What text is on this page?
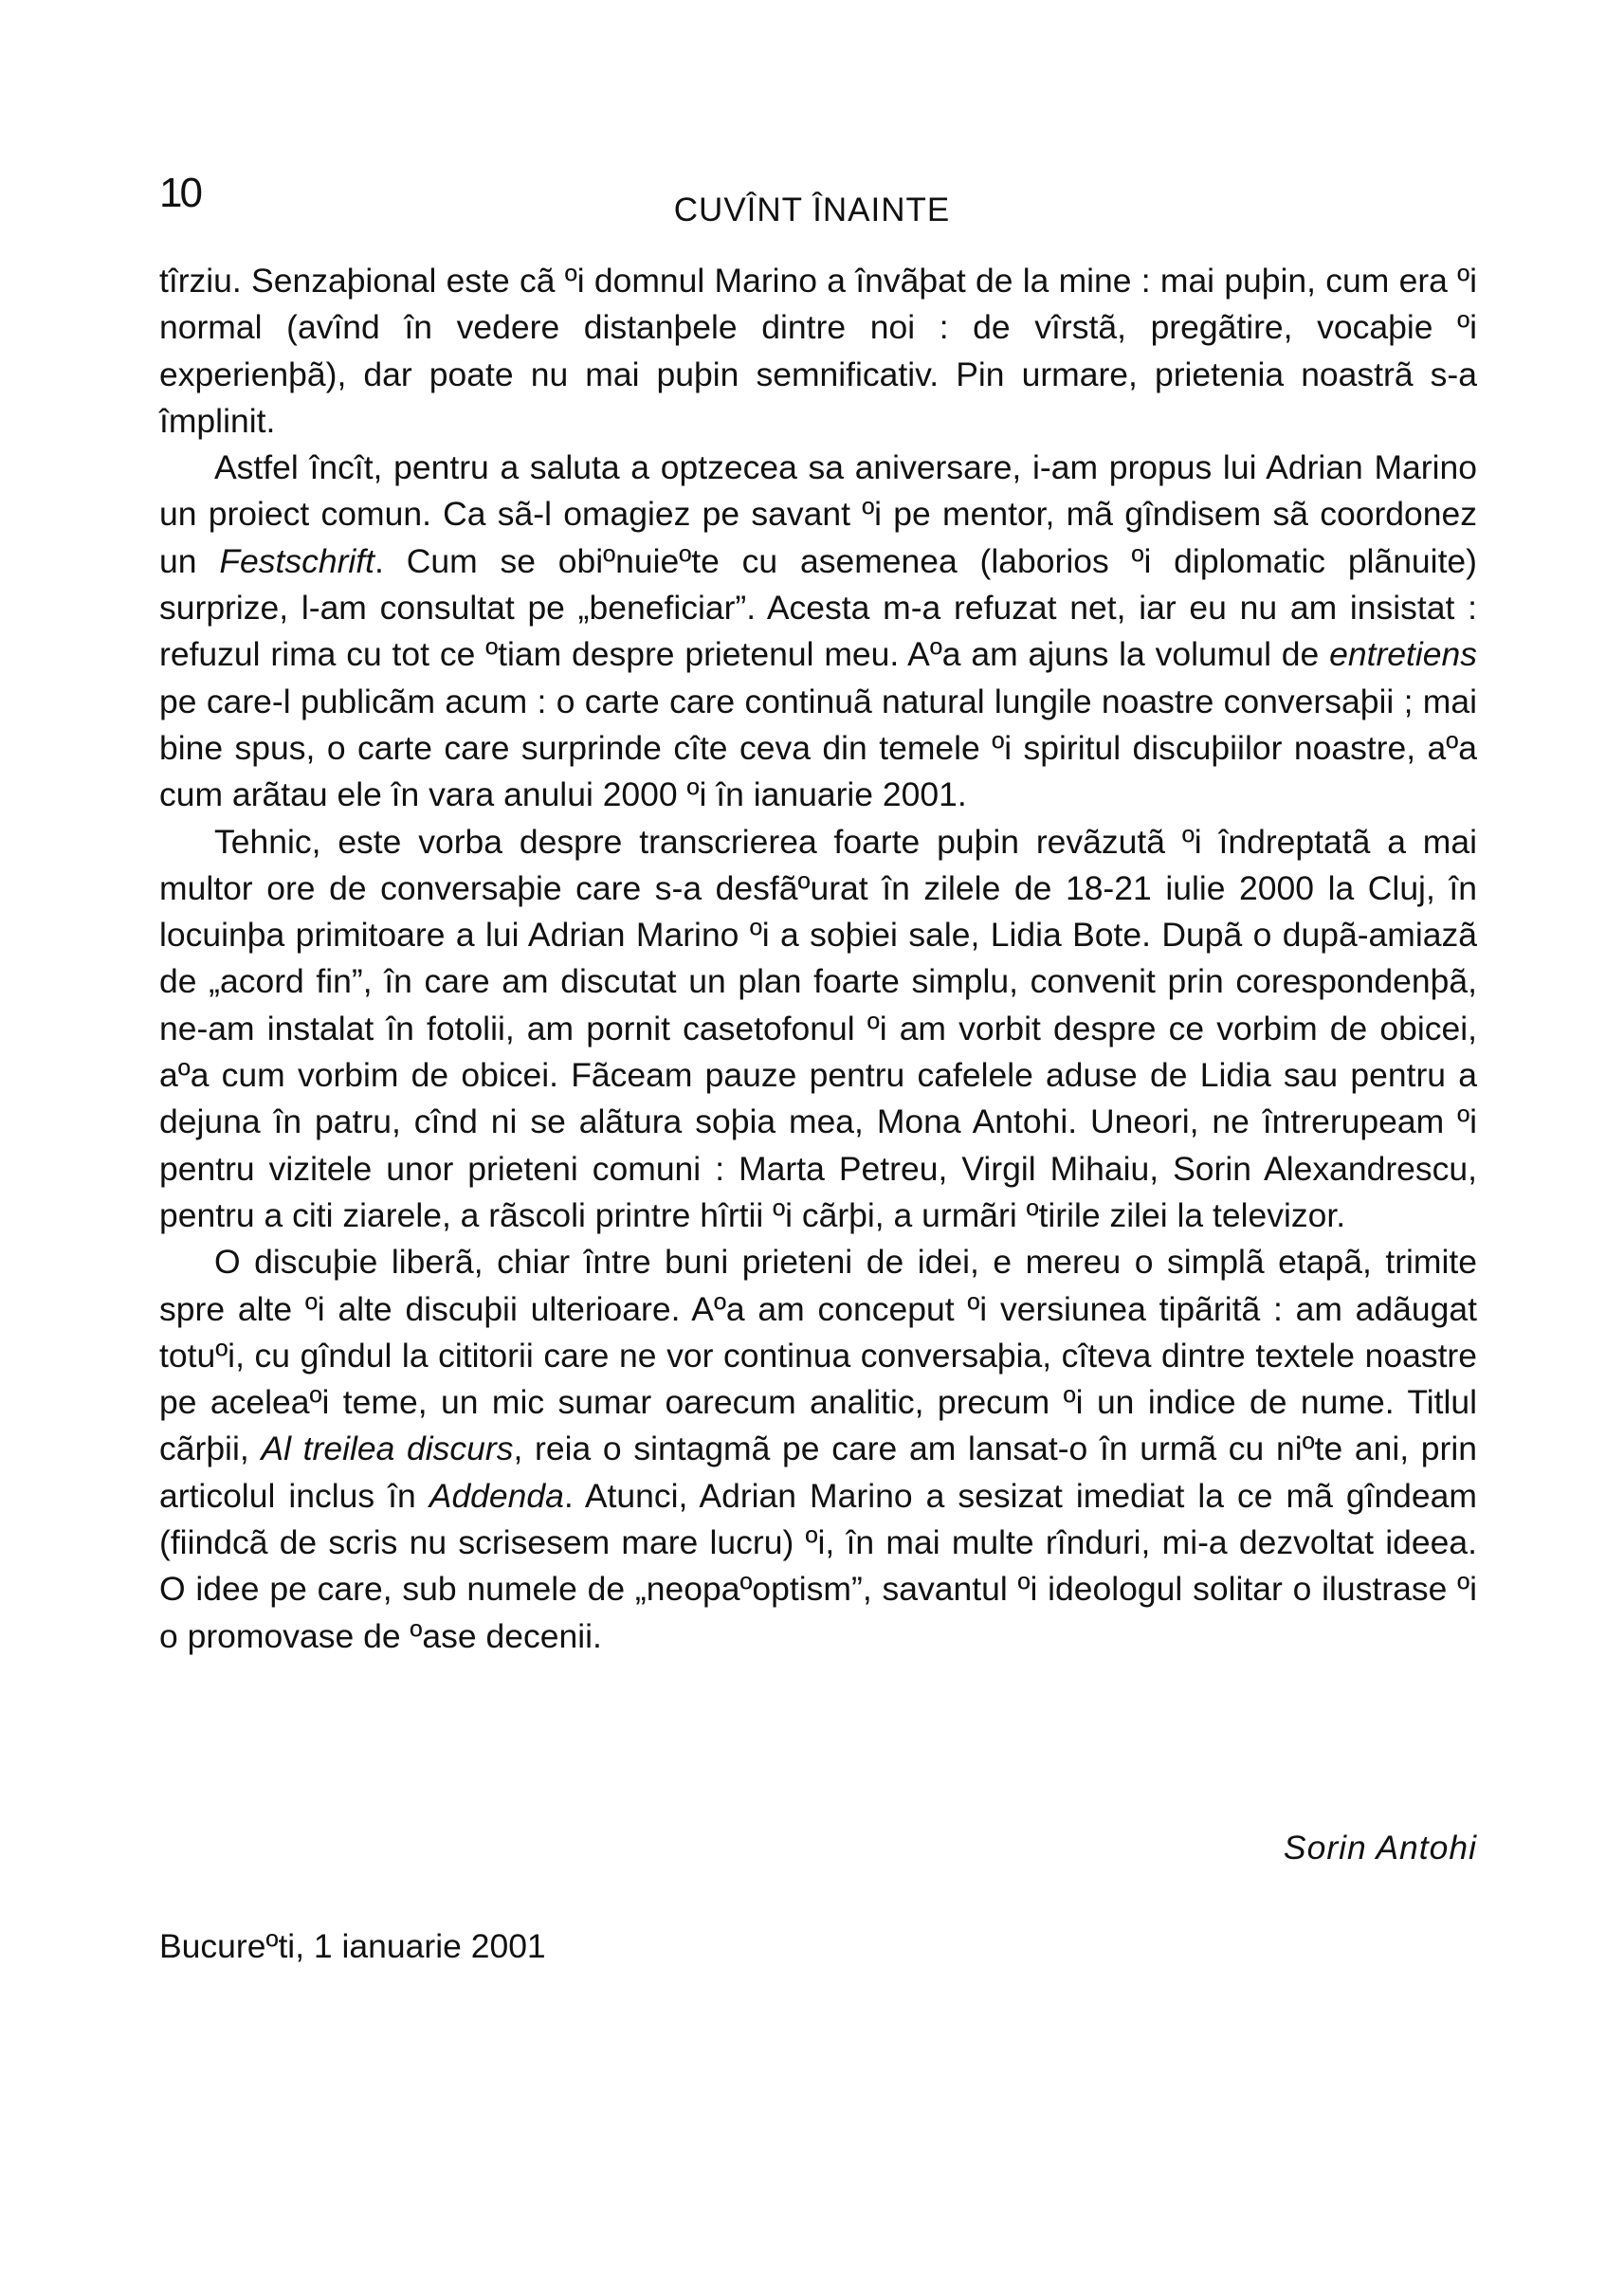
10	CUVÎNT ÎNAINTE

tîrziu. Senzaþional este cã ºi domnul Marino a învãþat de la mine : mai puþin, cum era ºi normal (avînd în vedere distanþele dintre noi : de vîrstã, pregãtire, vocaþie ºi experienþã), dar poate nu mai puþin semnificativ. Pin urmare, prietenia noastrã s-a împlinit.

Astfel încît, pentru a saluta a optzecea sa aniversare, i-am propus lui Adrian Marino un proiect comun. Ca sã-l omagiez pe savant ºi pe mentor, mã gîndisem sã coordonez un Festschrift. Cum se obiºnuieºte cu asemenea (laborios ºi diplomatic plãnuite) surprize, l-am consultat pe „beneficiar”. Acesta m-a refuzat net, iar eu nu am insistat : refuzul rima cu tot ce ºtiam despre prietenul meu. Aºa am ajuns la volumul de entretiens pe care-l publicãm acum : o carte care continuã natural lungile noastre conversaþii ; mai bine spus, o carte care surprinde cîte ceva din temele ºi spiritul discuþiilor noastre, aºa cum arãtau ele în vara anului 2000 ºi în ianuarie 2001.

Tehnic, este vorba despre transcrierea foarte puþin revãzutã ºi îndreptatã a mai multor ore de conversaþie care s-a desfãºurat în zilele de 18-21 iulie 2000 la Cluj, în locuinþa primitoare a lui Adrian Marino ºi a soþiei sale, Lidia Bote. Dupã o dupã-amiazã de „acord fin”, în care am discutat un plan foarte simplu, convenit prin corespondenþã, ne-am instalat în fotolii, am pornit casetofonul ºi am vorbit despre ce vorbim de obicei, aºa cum vorbim de obicei. Fãceam pauze pentru cafelele aduse de Lidia sau pentru a dejuna în patru, cînd ni se alãtura soþia mea, Mona Antohi. Uneori, ne întrerupeam ºi pentru vizitele unor prieteni comuni : Marta Petreu, Virgil Mihaiu, Sorin Alexandrescu, pentru a citi ziarele, a rãscoli printre hîrtii ºi cãrþi, a urmãri ºtirile zilei la televizor.

O discuþie liberã, chiar între buni prieteni de idei, e mereu o simplã etapã, trimite spre alte ºi alte discuþii ulterioare. Aºa am conceput ºi versiunea tipãritã : am adãugat totuºi, cu gîndul la cititorii care ne vor continua conversaþia, cîteva dintre textele noastre pe aceleaºi teme, un mic sumar oarecum analitic, precum ºi un indice de nume. Titlul cãrþii, Al treilea discurs, reia o sintagmã pe care am lansat-o în urmã cu niºte ani, prin articolul inclus în Addenda. Atunci, Adrian Marino a sesizat imediat la ce mã gîndeam (fiindcã de scris nu scrisesem mare lucru) ºi, în mai multe rînduri, mi-a dezvoltat ideea. O idee pe care, sub numele de „neopaºoptism”, savantul ºi ideologul solitar o ilustrase ºi o promovase de ºase decenii.

Sorin Antohi
Bucureºti, 1 ianuarie 2001
